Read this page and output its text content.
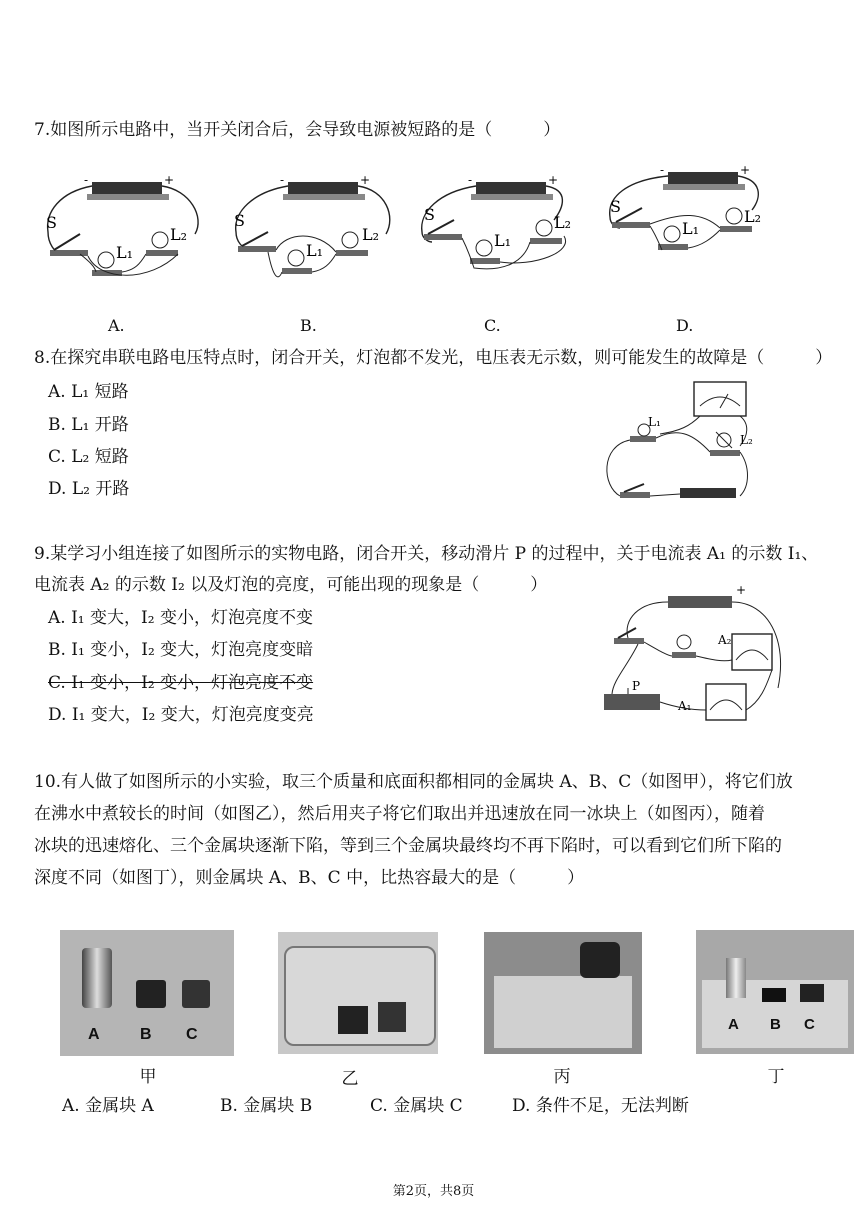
7.如图所示电路中，当开关闭合后，会导致电源被短路的是（　　　）
S
L₁
L₂
-	+
S
L₁
L₂
-	+
S
L₁
L₂
-	+
S
L₁
L₂
-	+
A.	B.	C.	D.
8.在探究串联电路电压特点时，闭合开关，灯泡都不发光，电压表无示数，则可能发生的故障是（　　　）
A. L₁ 短路
B. L₁ 开路
C. L₂ 短路
D. L₂ 开路
L₁
L₂
9.某学习小组连接了如图所示的实物电路，闭合开关，移动滑片 P 的过程中，关于电流表 A₁ 的示数 I₁、
电流表 A₂ 的示数 I₂ 以及灯泡的亮度，可能出现的现象是（　　　）
A. I₁ 变大，I₂ 变小，灯泡亮度不变
B. I₁ 变小，I₂ 变大，灯泡亮度变暗
C. I₁ 变小，I₂ 变小，灯泡亮度不变
D. I₁ 变大，I₂ 变大，灯泡亮度变亮
+
A₂
A₁
P
10.有人做了如图所示的小实验，取三个质量和底面积都相同的金属块 A、B、C（如图甲），将它们放
在沸水中煮较长的时间（如图乙），然后用夹子将它们取出并迅速放在同一冰块上（如图丙），随着
冰块的迅速熔化、三个金属块逐渐下陷，等到三个金属块最终均不再下陷时，可以看到它们所下陷的
深度不同（如图丁），则金属块 A、B、C 中，比热容最大的是（　　　）
A	B C
A B C
甲	乙	丙	丁
A. 金属块 A	B. 金属块 B	C. 金属块 C	D. 条件不足，无法判断
第2页，共8页
